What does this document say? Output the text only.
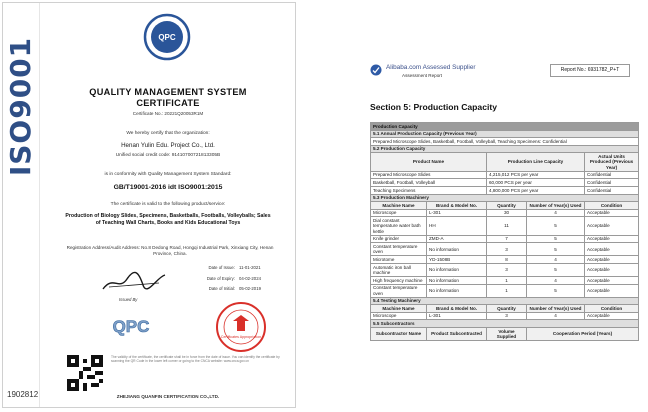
ISO9001
1902812
QPC
QUALITY MANAGEMENT SYSTEM
CERTIFICATE
Certificate No.: 20221Q20053R1M
We hereby certify that the organization:
Henan Yulin Edu. Project Co., Ltd.
Unified social credit code: 91410700721813305B
is in conformity with Quality Management System Standard:
GB/T19001-2016 idt ISO9001:2015
The certificate is valid to the following product/service:
Production of Biology Slides, Specimens, Basketballs, Footballs, Volleyballs; Sales of Teaching Wall Charts, Books and Kids Educational Toys
Registration Address/Audit Address: No.8 Dedong Road, Hongqi Industrial Park, Xinxiang City, Henan Province, China.
Date of Issue: 11-01-2021
Date of Expiry: 04-02-2024
Date of Initial: 05-02-2019
Issued By
QPC
Certificates Appropriation
The validity of the certificate, the certificate shall be in force from the date of issue. You can identify the certificate by scanning the QR Code in the lower left corner or going to the CNCA website: www.cnca.gov.cn
ZHEJIANG QUANFIN CERTIFICATION CO.,LTD.
Alibaba.com Assessed Supplier
Assessment Report
Report No.: 6931782_P+T
Section 5: Production Capacity
Production Capacity				
5.1 Annual Production Capacity (Previous Year)				
Prepared Microscope Slides, Basketball, Football, Volleyball, Teaching Specimens: Confidential				
5.2 Production Capacity				
Product Name		Production Line Capacity		Actual Units Produced (Previous Year)
Prepared Microscope Slides		4,215,012 PCS per year		Confidential
Basketball, Football, Volleyball		60,000 PCS per year		Confidential
Teaching Specimens		4,800,000 PCS per year		Confidential
5.3 Production Machinery				
Machine Name	Brand & Model No.	Quantity	Number of Year(s) Used	Condition
Microscope	L-301	30	4	Acceptable
Dial constant temperature water bath kettle	HH	11	5	Acceptable
Knife grinder	ZMD-A	7	5	Acceptable
Constant temperature oven	No information	3	5	Acceptable
Microtome	YD-1508B	8	4	Acceptable
Automatic iron ball machine	No information	3	5	Acceptable
High frequency machine	No information	1	4	Acceptable
Constant temperature oven	No information	1	5	Acceptable
5.4 Testing Machinery				
Machine Name	Brand & Model No.	Quantity	Number of Year(s) Used	Condition
Microscope	L-301	3	4	Acceptable
5.5 Subcontractors				
Subcontractor Name	Product Subcontracted	Volume Supplied	Cooperation Period (Years)	
